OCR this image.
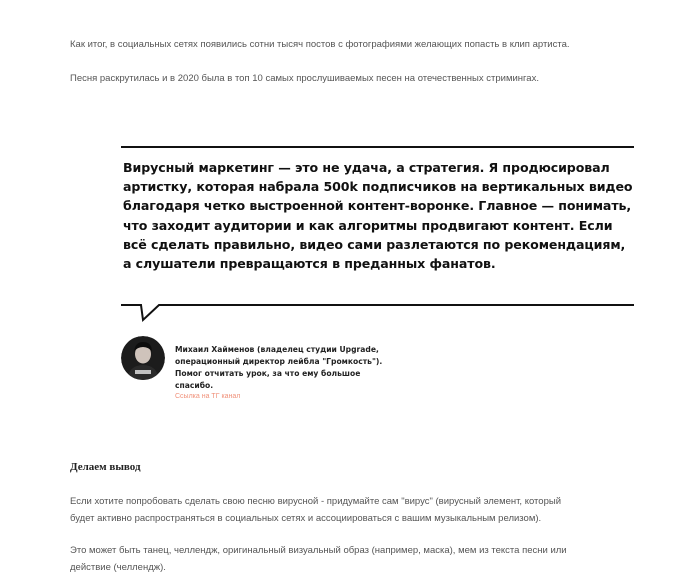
Как итог, в социальных сетях появились сотни тысяч постов с фотографиями желающих попасть в клип артиста.

Песня раскрутилась и в 2020 была в топ 10 самых прослушиваемых песен на отечественных стримингах.

Вирусный маркетинг — это не удача, а стратегия. Я продюсировал артистку, которая набрала 500k подписчиков на вертикальных видео благодаря четко выстроенной контент-воронке. Главное — понимать, что заходит аудитории и как алгоритмы продвигают контент. Если всё сделать правильно, видео сами разлетаются по рекомендациям, а слушатели превращаются в преданных фанатов.
Михаил Хайменов (владелец студии Upgrade, операционный директор лейбла "Громкость"). Помог отчитать урок, за что ему большое спасибо.
Ссылка на ТГ канал
Делаем вывод

Если хотите попробовать сделать свою песню вирусной - придумайте сам "вирус" (вирусный элемент, который будет активно распространяться в социальных сетях и ассоциироваться с вашим музыкальным релизом).

Это может быть танец, челлендж, оригинальный визуальный образ (например, маска), мем из текста песни или действие (челлендж).
